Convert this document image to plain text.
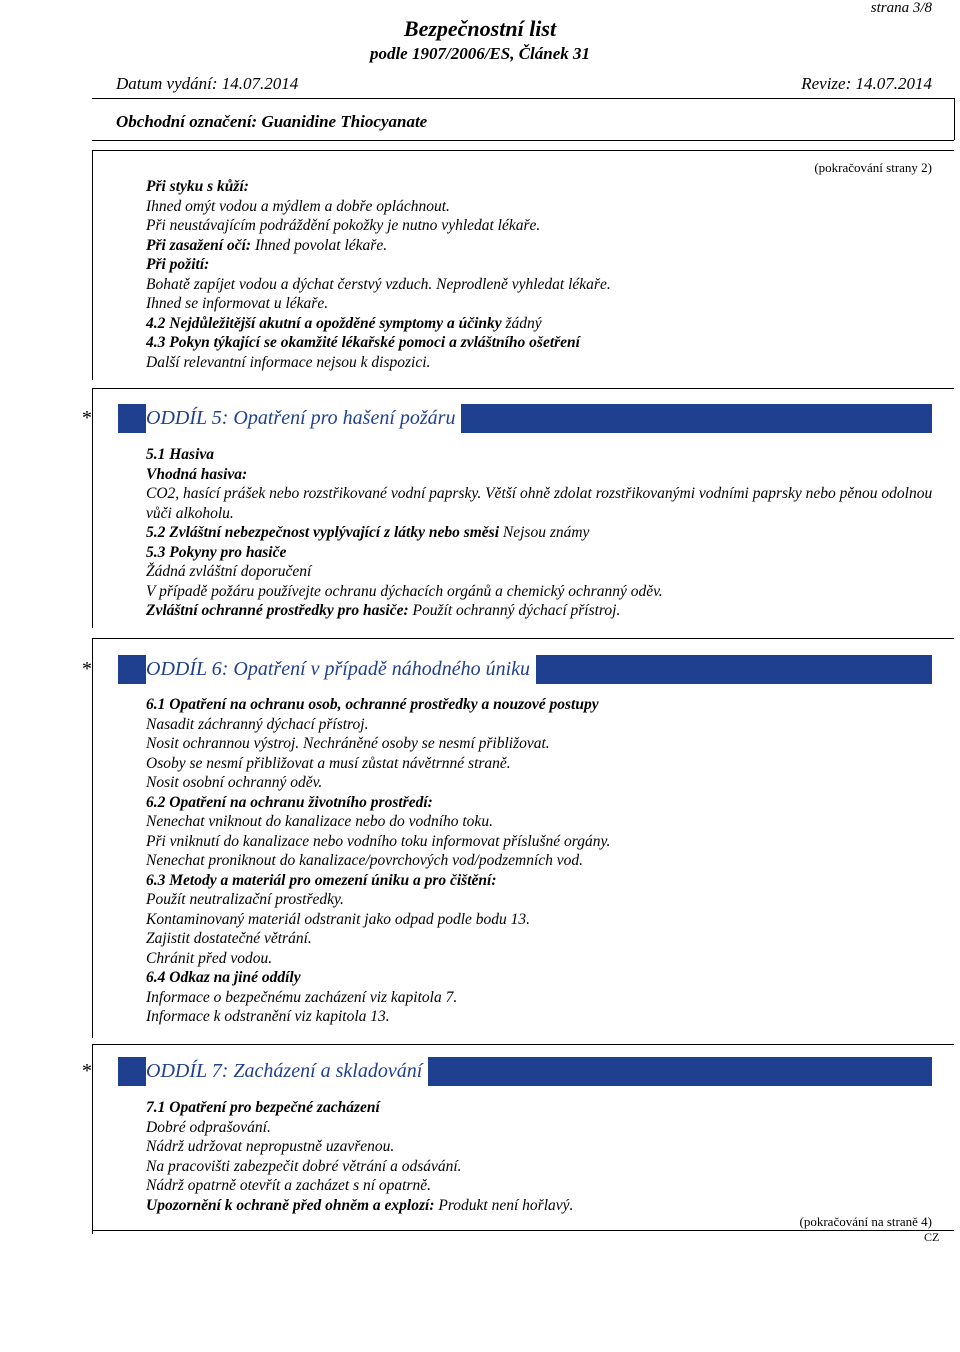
strana 3/8
Bezpečnostní list
podle 1907/2006/ES, Článek 31
Datum vydání: 14.07.2014	Revize: 14.07.2014
Obchodní označení: Guanidine Thiocyanate
(pokračování strany 2)
Při styku s kůží:
Ihned omýt vodou a mýdlem a dobře opláchnout.
Při neustávajícím podráždění pokožky je nutno vyhledat lékaře.
Při zasažení očí: Ihned povolat lékaře.
Při požití:
Bohatě zapíjet vodou a dýchat čerstvý vzduch. Neprodleně vyhledat lékaře.
Ihned se informovat u lékaře.
4.2 Nejdůležitější akutní a opožděné symptomy a účinky žádný
4.3 Pokyn týkající se okamžité lékařské pomoci a zvláštního ošetření
Další relevantní informace nejsou k dispozici.
*	ODDÍL 5: Opatření pro hašení požáru
5.1 Hasiva
Vhodná hasiva:
CO2, hasící prášek nebo rozstřikované vodní paprsky. Větší ohně zdolat rozstřikovanými vodními paprsky nebo pěnou odolnou vůči alkoholu.
5.2 Zvláštní nebezpečnost vyplývající z látky nebo směsi Nejsou známy
5.3 Pokyny pro hasiče
Žádná zvláštní doporučení
V případě požáru používejte ochranu dýchacích orgánů a chemický ochranný oděv.
Zvláštní ochranné prostředky pro hasiče: Použít ochranný dýchací přístroj.
*	ODDÍL 6: Opatření v případě náhodného úniku
6.1 Opatření na ochranu osob, ochranné prostředky a nouzové postupy
Nasadit záchranný dýchací přístroj.
Nosit ochrannou výstroj. Nechráněné osoby se nesmí přibližovat.
Osoby se nesmí přibližovat a musí zůstat návětrnné straně.
Nosit osobní ochranný oděv.
6.2 Opatření na ochranu životního prostředí:
Nenechat vniknout do kanalizace nebo do vodního toku.
Při vniknutí do kanalizace nebo vodního toku informovat příslušné orgány.
Nenechat proniknout do kanalizace/povrchových vod/podzemních vod.
6.3 Metody a materiál pro omezení úniku a pro čištění:
Použít neutralizační prostředky.
Kontaminovaný materiál odstranit jako odpad podle bodu 13.
Zajistit dostatečné větrání.
Chránit před vodou.
6.4 Odkaz na jiné oddíly
Informace o bezpečnému zacházení viz kapitola 7.
Informace k odstranění viz kapitola 13.
*	ODDÍL 7: Zacházení a skladování
7.1 Opatření pro bezpečné zacházení
Dobré odprašování.
Nádrž udržovat nepropustně uzavřenou.
Na pracovišti zabezpečit dobré větrání a odsávání.
Nádrž opatrně otevřít a zacházet s ní opatrně.
Upozornění k ochraně před ohněm a explozí: Produkt není hořlavý.
(pokračování na straně 4)
CZ
